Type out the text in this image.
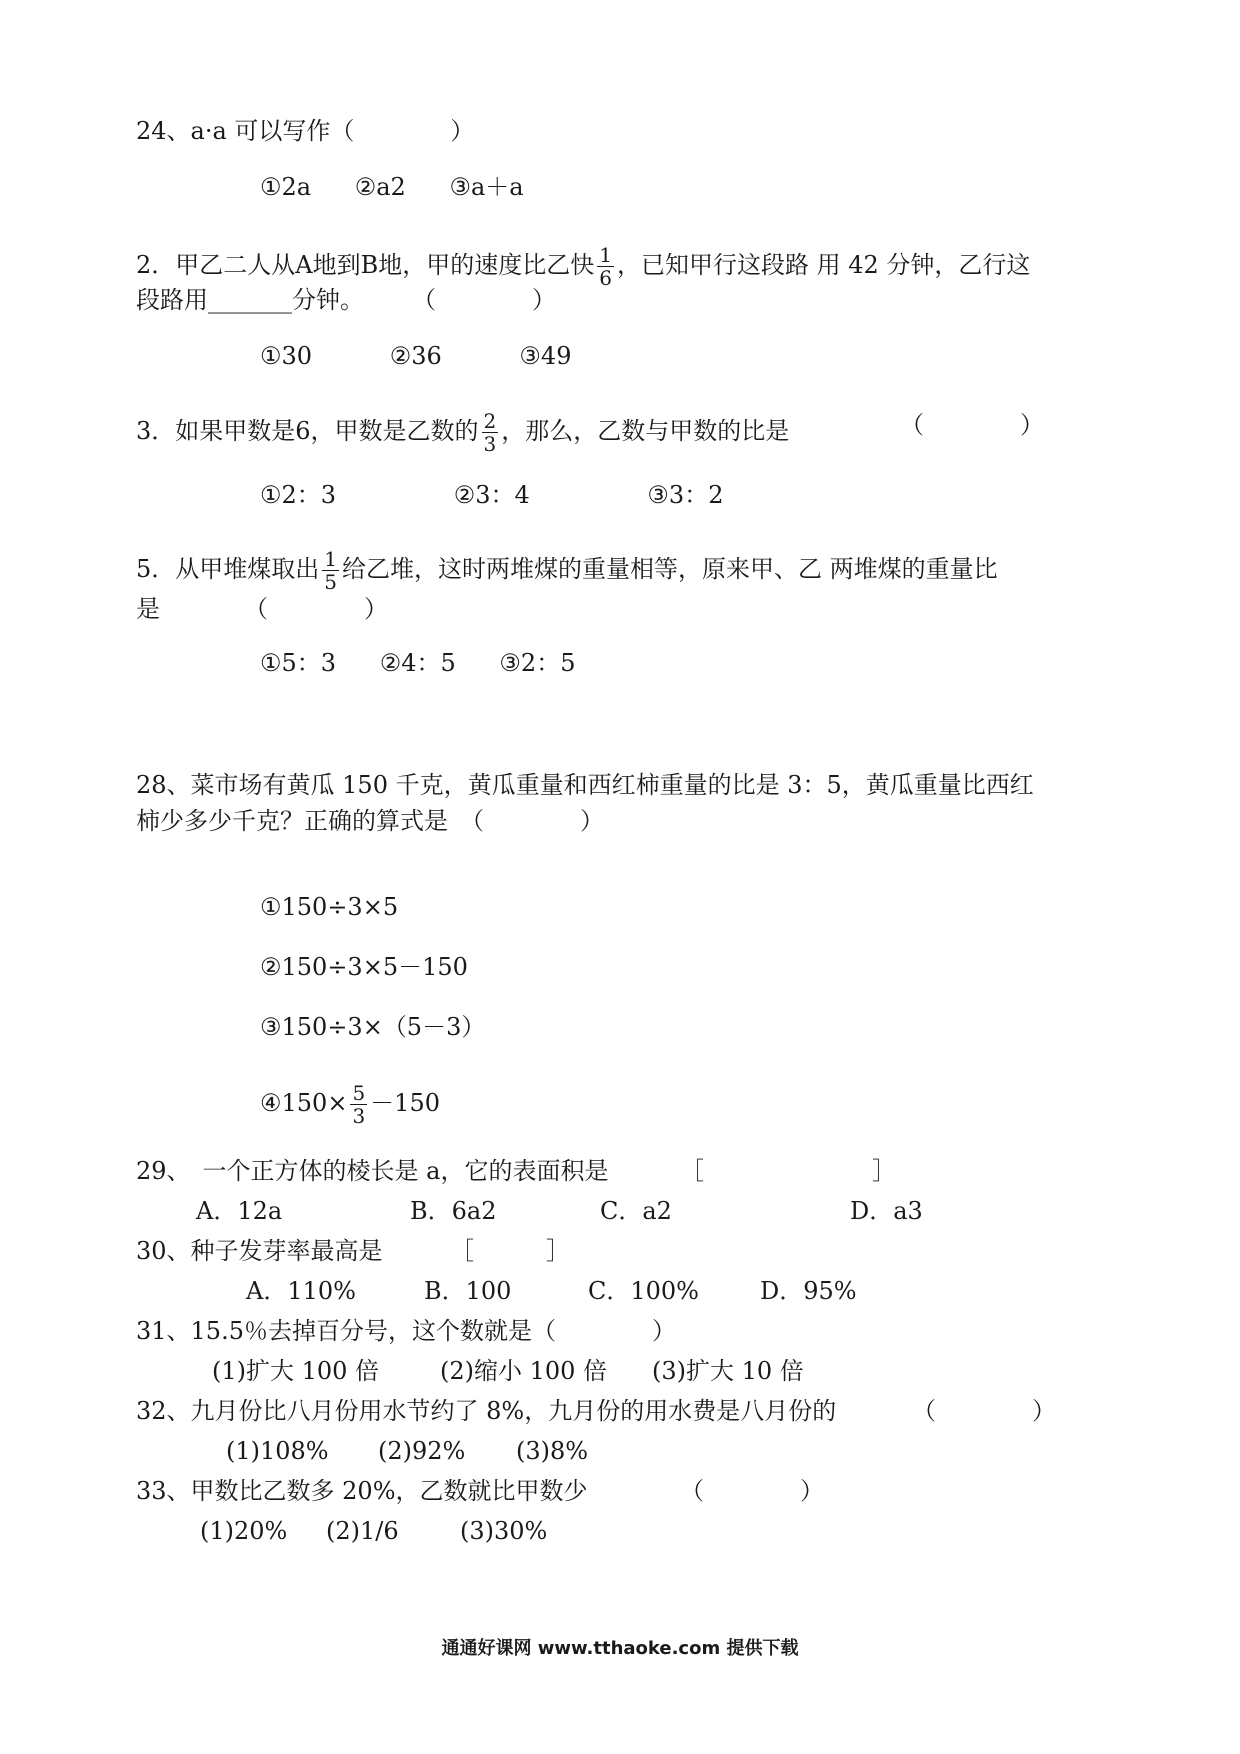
24、a·a 可以写作（　　　　）
①2a ②a2 ③a＋a
2．甲乙二人从A地到B地，甲的速度比乙快 $\frac{1}{6}$ ，已知甲行这段路 用 42 分钟，乙行这
段路用_______分钟。　　　（　　　　）
①30	②36	③49
3．如果甲数是6，甲数是乙数的 $\frac{2}{3}$ ，那么，乙数与甲数的比是	（　　　　）
①2：3	②3：4	③3：2
5．从甲堆煤取出 $\frac{1}{5}$ 给乙堆，这时两堆煤的重量相等，原来甲、乙 两堆煤的重量比
是　　　　（　　　　）
①5：3 ②4：5 ③2：5
28、菜市场有黄瓜 150 千克，黄瓜重量和西红柿重量的比是 3：5，黄瓜重量比西红
柿少多少千克？正确的算式是　（　　　　）
①150÷3×5
②150÷3×5－150
③150÷3×（5－3）
④150× $\frac{5}{3} -150$
29、　一个正方体的棱长是 a，它的表面积是	［　　　　　　　］
A．12a	B．6a2	C．a2	D．a3
30、种子发芽率最高是	［　　　］
A．110%	B．100	C．100%	D．95%
31、15.5％去掉百分号，这个数就是（　　　　）
(1)扩大 100 倍	(2)缩小 100 倍 (3)扩大 10 倍
32、九月份比八月份用水节约了 8%，九月份的用水费是八月份的	（　　　　）
(1)108% (2)92% (3)8%
33、甲数比乙数多 20%，乙数就比甲数少	（　　　　）
(1)20% (2)1/6	(3)30%
通通好课网 www.tthaoke.com 提供下载
